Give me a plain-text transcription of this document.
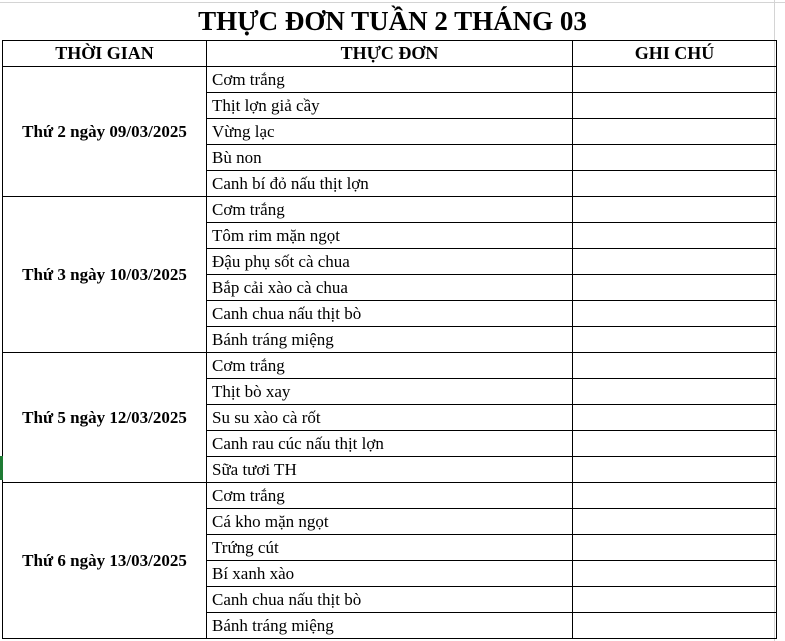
THỰC ĐƠN TUẦN 2 THÁNG 03
THỜI GIAN	THỰC ĐƠN	GHI CHÚ
Thứ 2 ngày 09/03/2025	Cơm trắng	
	Thịt lợn giả cầy	
	Vừng lạc	
	Bù non	
	Canh bí đỏ nấu thịt lợn	
Thứ 3 ngày 10/03/2025	Cơm trắng	
	Tôm rim mặn ngọt	
	Đậu phụ sốt cà chua	
	Bắp cải xào cà chua	
	Canh chua nấu thịt bò	
	Bánh tráng miệng	
Thứ 5 ngày 12/03/2025	Cơm trắng	
	Thịt bò xay	
	Su su xào cà rốt	
	Canh rau cúc nấu thịt lợn	
	Sữa tươi TH	
Thứ 6 ngày 13/03/2025	Cơm trắng	
	Cá kho mặn ngọt	
	Trứng cút	
	Bí xanh xào	
	Canh chua nấu thịt bò	
	Bánh tráng miệng	
